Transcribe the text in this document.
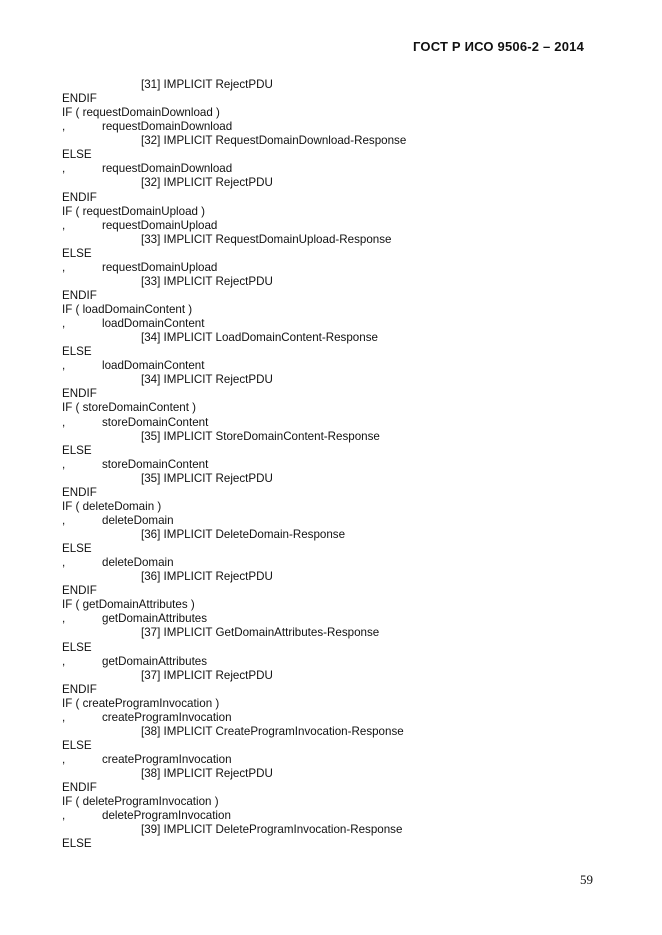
ГОСТ Р ИСО 9506-2 – 2014
[31] IMPLICIT RejectPDU
ENDIF
IF ( requestDomainDownload )
,	requestDomainDownload
[32] IMPLICIT RequestDomainDownload-Response
ELSE
,	requestDomainDownload
[32] IMPLICIT RejectPDU
ENDIF
IF ( requestDomainUpload )
,	requestDomainUpload
[33] IMPLICIT RequestDomainUpload-Response
ELSE
,	requestDomainUpload
[33] IMPLICIT RejectPDU
ENDIF
IF ( loadDomainContent )
,	loadDomainContent
[34] IMPLICIT LoadDomainContent-Response
ELSE
,	loadDomainContent
[34] IMPLICIT RejectPDU
ENDIF
IF ( storeDomainContent )
,	storeDomainContent
[35] IMPLICIT StoreDomainContent-Response
ELSE
,	storeDomainContent
[35] IMPLICIT RejectPDU
ENDIF
IF ( deleteDomain )
,	deleteDomain
[36] IMPLICIT DeleteDomain-Response
ELSE
,	deleteDomain
[36] IMPLICIT RejectPDU
ENDIF
IF ( getDomainAttributes )
,	getDomainAttributes
[37] IMPLICIT GetDomainAttributes-Response
ELSE
,	getDomainAttributes
[37] IMPLICIT RejectPDU
ENDIF
IF ( createProgramInvocation )
,	createProgramInvocation
[38] IMPLICIT CreateProgramInvocation-Response
ELSE
,	createProgramInvocation
[38] IMPLICIT RejectPDU
ENDIF
IF ( deleteProgramInvocation )
,	deleteProgramInvocation
[39] IMPLICIT DeleteProgramInvocation-Response
ELSE
59
